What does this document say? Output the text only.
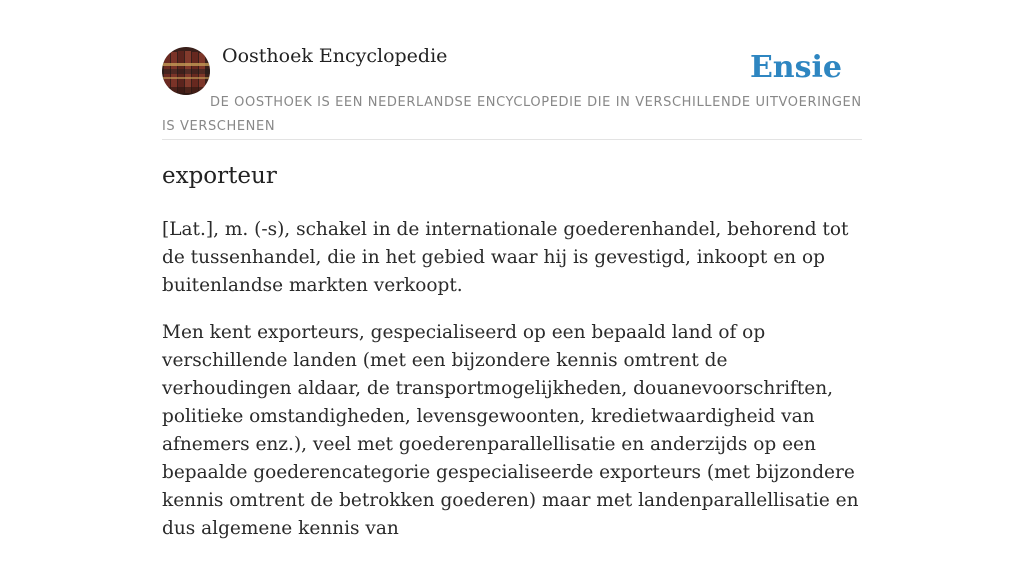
Oosthoek Encyclopedie	Ensie
DE OOSTHOEK IS EEN NEDERLANDSE ENCYCLOPEDIE DIE IN VERSCHILLENDE UITVOERINGEN IS VERSCHENEN
exporteur

[Lat.], m. (-s), schakel in de internationale goederenhandel, behorend tot de tussenhandel, die in het gebied waar hij is gevestigd, inkoopt en op buitenlandse markten verkoopt.

Men kent exporteurs, gespecialiseerd op een bepaald land of op verschillende landen (met een bijzondere kennis omtrent de verhoudingen aldaar, de transportmogelijkheden, douanevoorschriften, politieke omstandigheden, levensgewoonten, kredietwaardigheid van afnemers enz.), veel met goederenparallellisatie en anderzijds op een bepaalde goederencategorie gespecialiseerde exporteurs (met bijzondere kennis omtrent de betrokken goederen) maar met landenparallellisatie en dus algemene kennis van
